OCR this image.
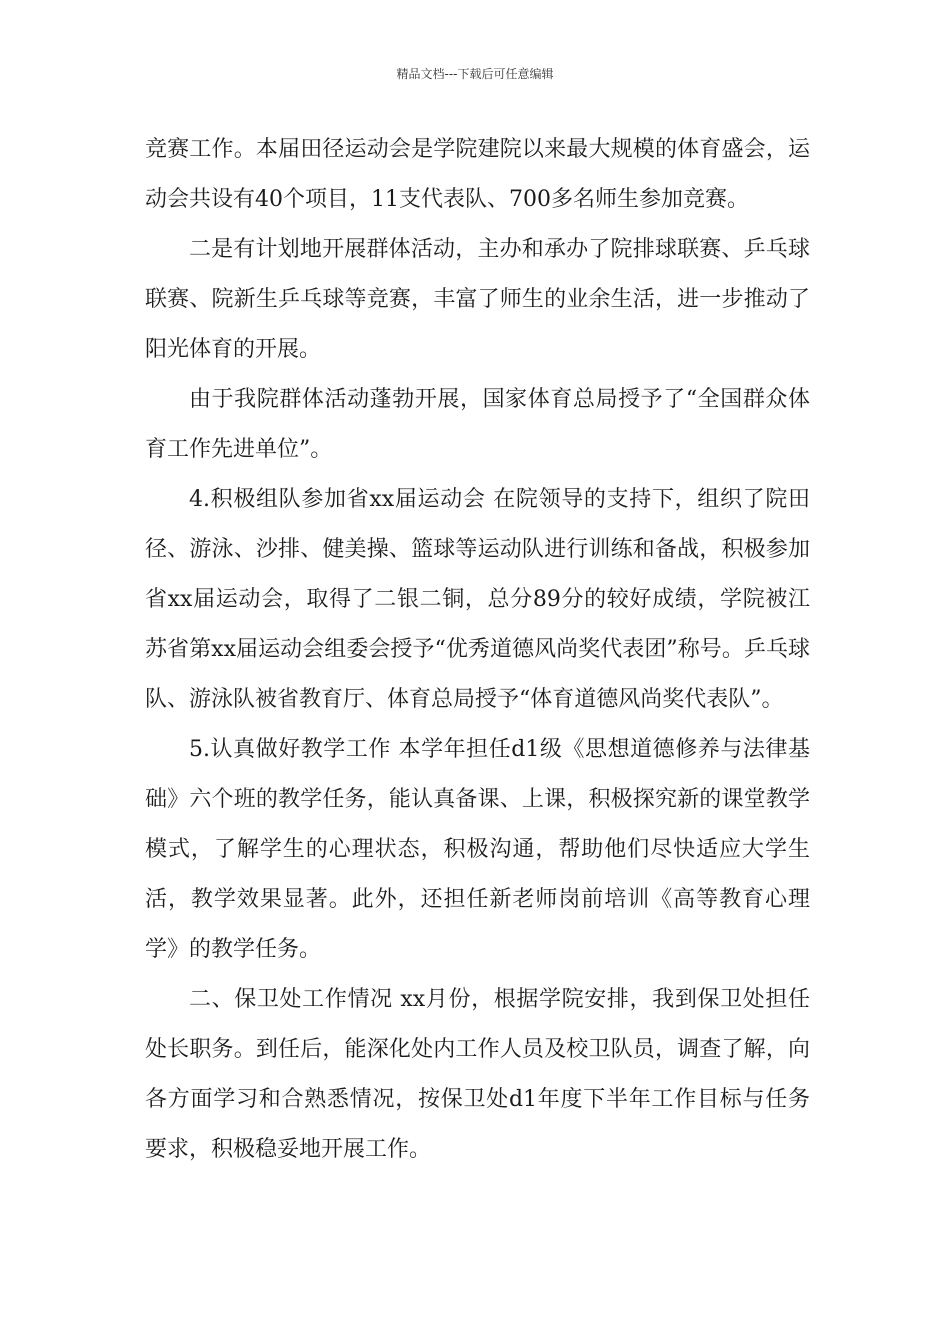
精品文档---下载后可任意编辑

竞赛工作。本届田径运动会是学院建院以来最大规模的体育盛会，运动会共设有40个项目，11支代表队、700多名师生参加竞赛。

二是有计划地开展群体活动，主办和承办了院排球联赛、乒乓球联赛、院新生乒乓球等竞赛，丰富了师生的业余生活，进一步推动了阳光体育的开展。

由于我院群体活动蓬勃开展，国家体育总局授予了“全国群众体育工作先进单位”。

4.积极组队参加省xx届运动会 在院领导的支持下，组织了院田径、游泳、沙排、健美操、篮球等运动队进行训练和备战，积极参加省xx届运动会，取得了二银二铜，总分89分的较好成绩，学院被江苏省第xx届运动会组委会授予“优秀道德风尚奖代表团”称号。乒乓球队、游泳队被省教育厅、体育总局授予“体育道德风尚奖代表队”。

5.认真做好教学工作 本学年担任d1级《思想道德修养与法律基础》六个班的教学任务，能认真备课、上课，积极探究新的课堂教学模式，了解学生的心理状态，积极沟通，帮助他们尽快适应大学生活，教学效果显著。此外，还担任新老师岗前培训《高等教育心理学》的教学任务。

二、保卫处工作情况 xx月份，根据学院安排，我到保卫处担任处长职务。到任后，能深化处内工作人员及校卫队员，调查了解，向各方面学习和合熟悉情况，按保卫处d1年度下半年工作目标与任务要求，积极稳妥地开展工作。
